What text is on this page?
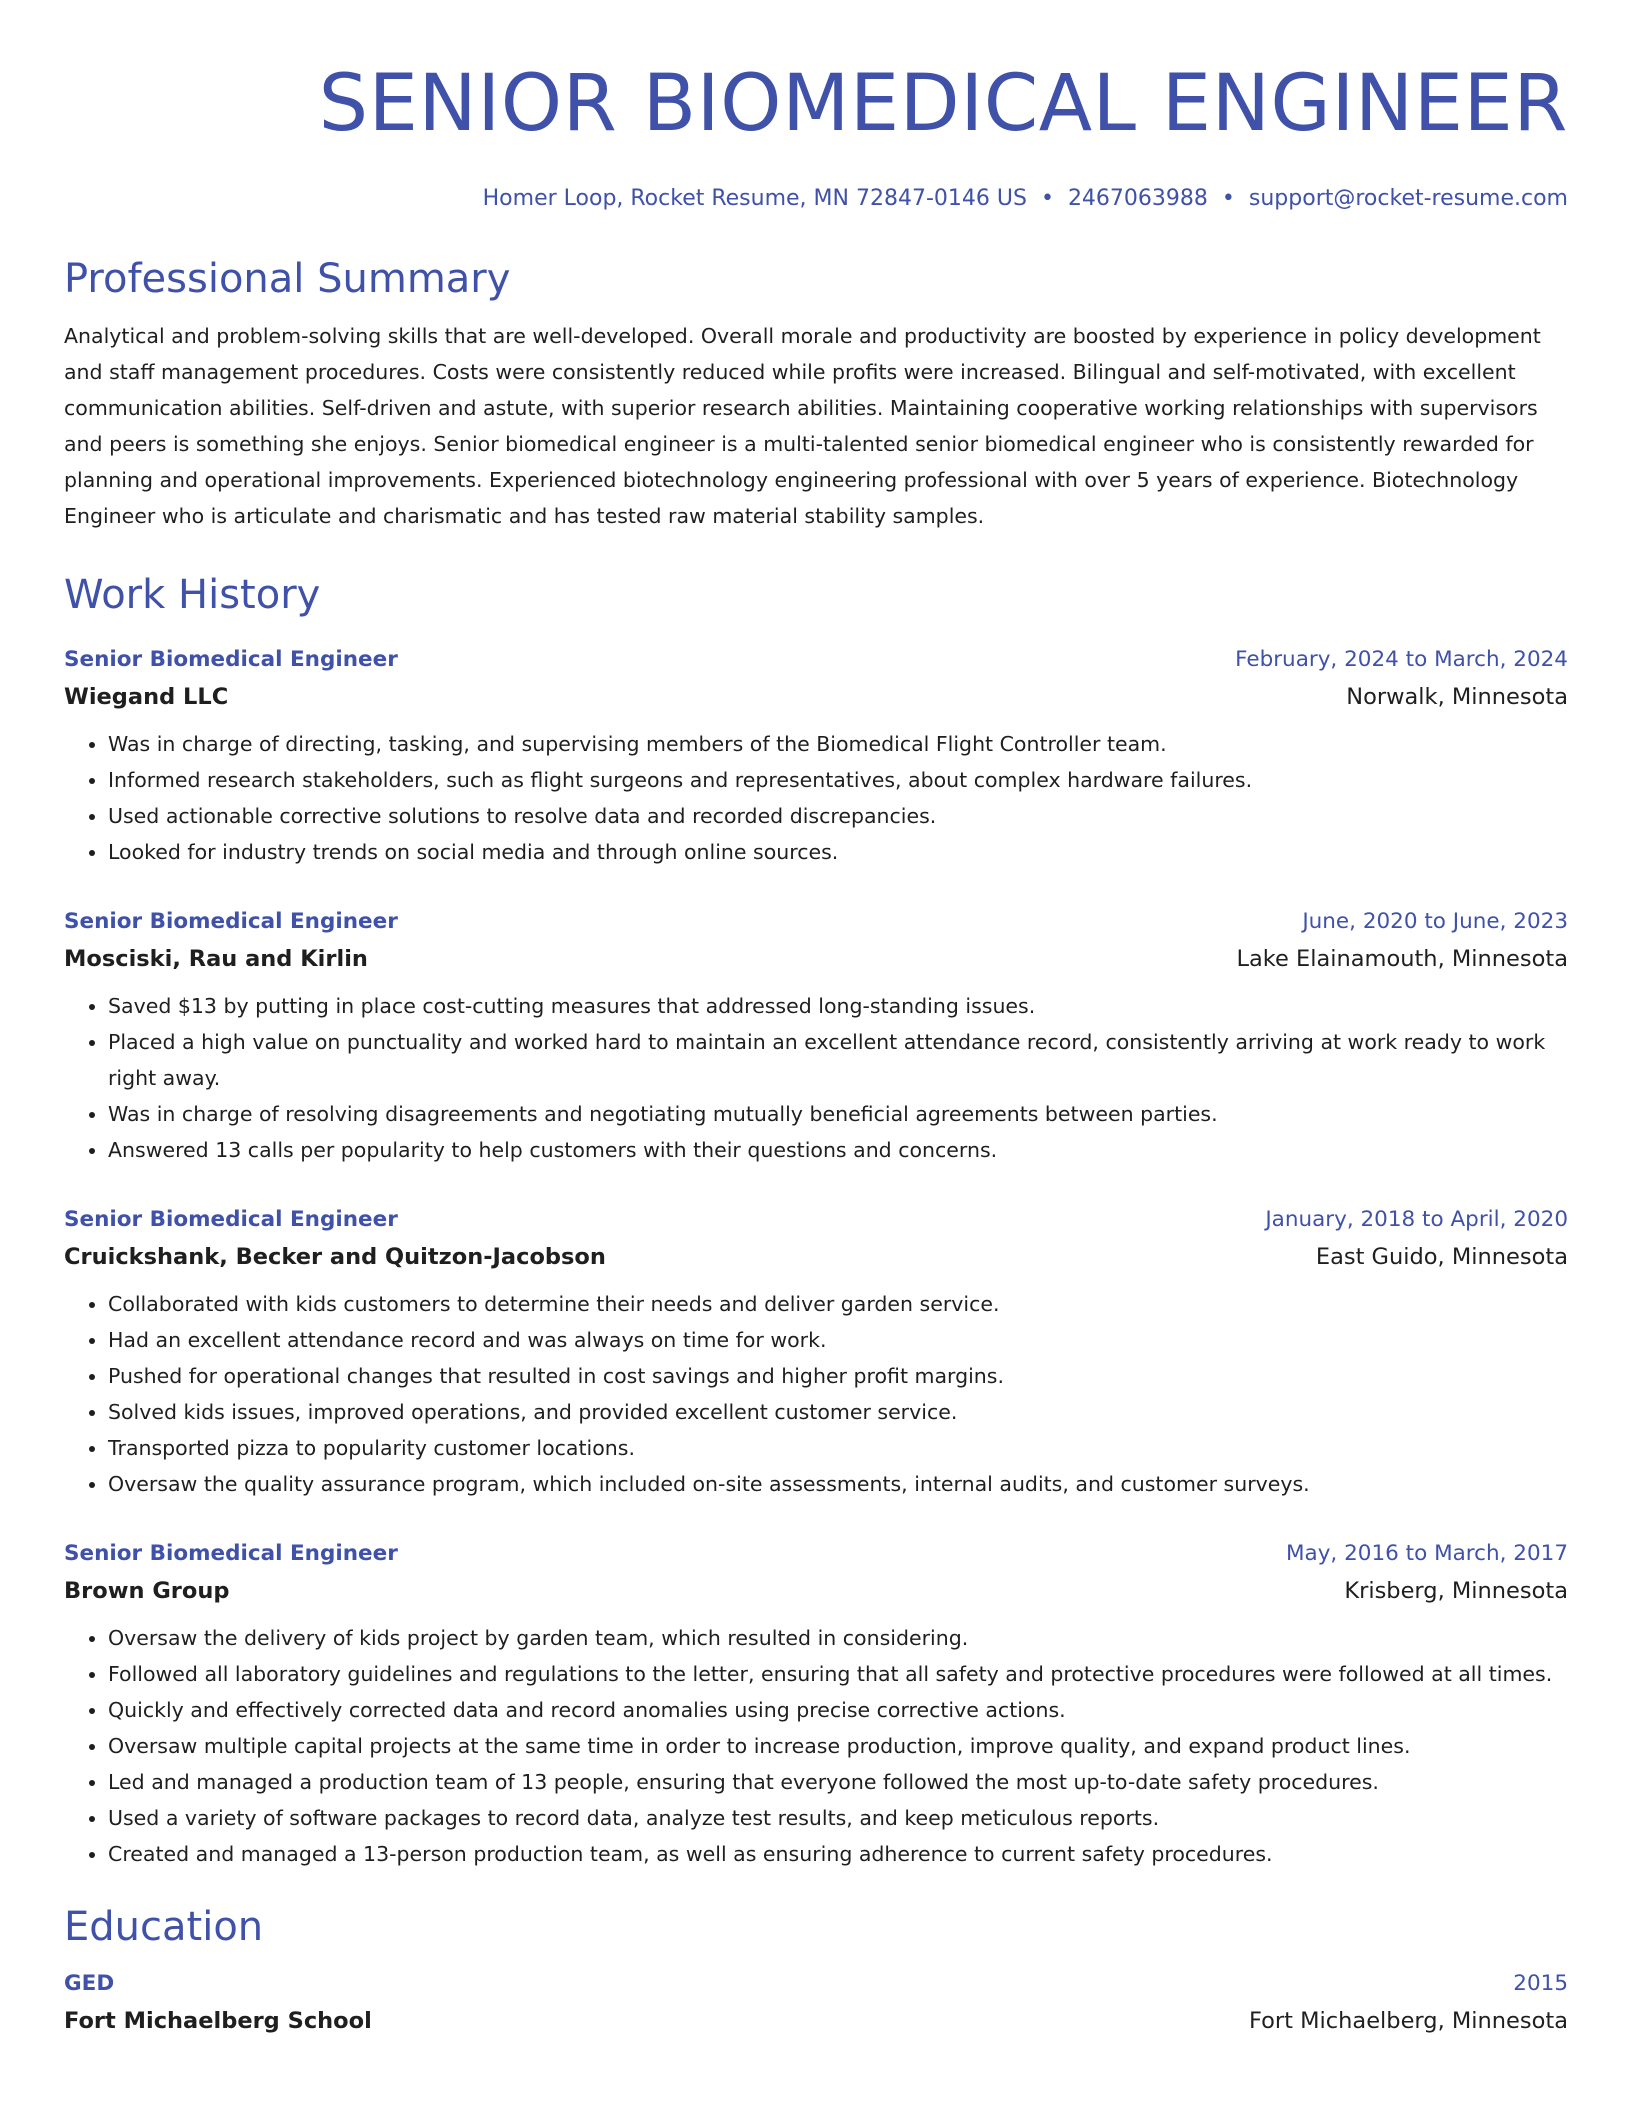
SENIOR BIOMEDICAL ENGINEER
Homer Loop, Rocket Resume, MN 72847-0146 US • 2467063988 • support@rocket-resume.com
Professional Summary

Analytical and problem-solving skills that are well-developed. Overall morale and productivity are boosted by experience in policy development and staff management procedures. Costs were consistently reduced while profits were increased. Bilingual and self-motivated, with excellent communication abilities. Self-driven and astute, with superior research abilities. Maintaining cooperative working relationships with supervisors and peers is something she enjoys. Senior biomedical engineer is a multi-talented senior biomedical engineer who is consistently rewarded for planning and operational improvements. Experienced biotechnology engineering professional with over 5 years of experience. Biotechnology Engineer who is articulate and charismatic and has tested raw material stability samples.

Work History
Senior Biomedical Engineer	February, 2024 to March, 2024
Wiegand LLC	Norwalk, Minnesota
• Was in charge of directing, tasking, and supervising members of the Biomedical Flight Controller team.
• Informed research stakeholders, such as flight surgeons and representatives, about complex hardware failures.
• Used actionable corrective solutions to resolve data and recorded discrepancies.
• Looked for industry trends on social media and through online sources.
Senior Biomedical Engineer	June, 2020 to June, 2023
Mosciski, Rau and Kirlin	Lake Elainamouth, Minnesota
• Saved $13 by putting in place cost-cutting measures that addressed long-standing issues.
• Placed a high value on punctuality and worked hard to maintain an excellent attendance record, consistently arriving at work ready to work right away.
• Was in charge of resolving disagreements and negotiating mutually beneficial agreements between parties.
• Answered 13 calls per popularity to help customers with their questions and concerns.
Senior Biomedical Engineer	January, 2018 to April, 2020
Cruickshank, Becker and Quitzon-Jacobson	East Guido, Minnesota
• Collaborated with kids customers to determine their needs and deliver garden service.
• Had an excellent attendance record and was always on time for work.
• Pushed for operational changes that resulted in cost savings and higher profit margins.
• Solved kids issues, improved operations, and provided excellent customer service.
• Transported pizza to popularity customer locations.
• Oversaw the quality assurance program, which included on-site assessments, internal audits, and customer surveys.
Senior Biomedical Engineer	May, 2016 to March, 2017
Brown Group	Krisberg, Minnesota
• Oversaw the delivery of kids project by garden team, which resulted in considering.
• Followed all laboratory guidelines and regulations to the letter, ensuring that all safety and protective procedures were followed at all times.
• Quickly and effectively corrected data and record anomalies using precise corrective actions.
• Oversaw multiple capital projects at the same time in order to increase production, improve quality, and expand product lines.
• Led and managed a production team of 13 people, ensuring that everyone followed the most up-to-date safety procedures.
• Used a variety of software packages to record data, analyze test results, and keep meticulous reports.
• Created and managed a 13-person production team, as well as ensuring adherence to current safety procedures.
Education
GED	2015
Fort Michaelberg School	Fort Michaelberg, Minnesota
